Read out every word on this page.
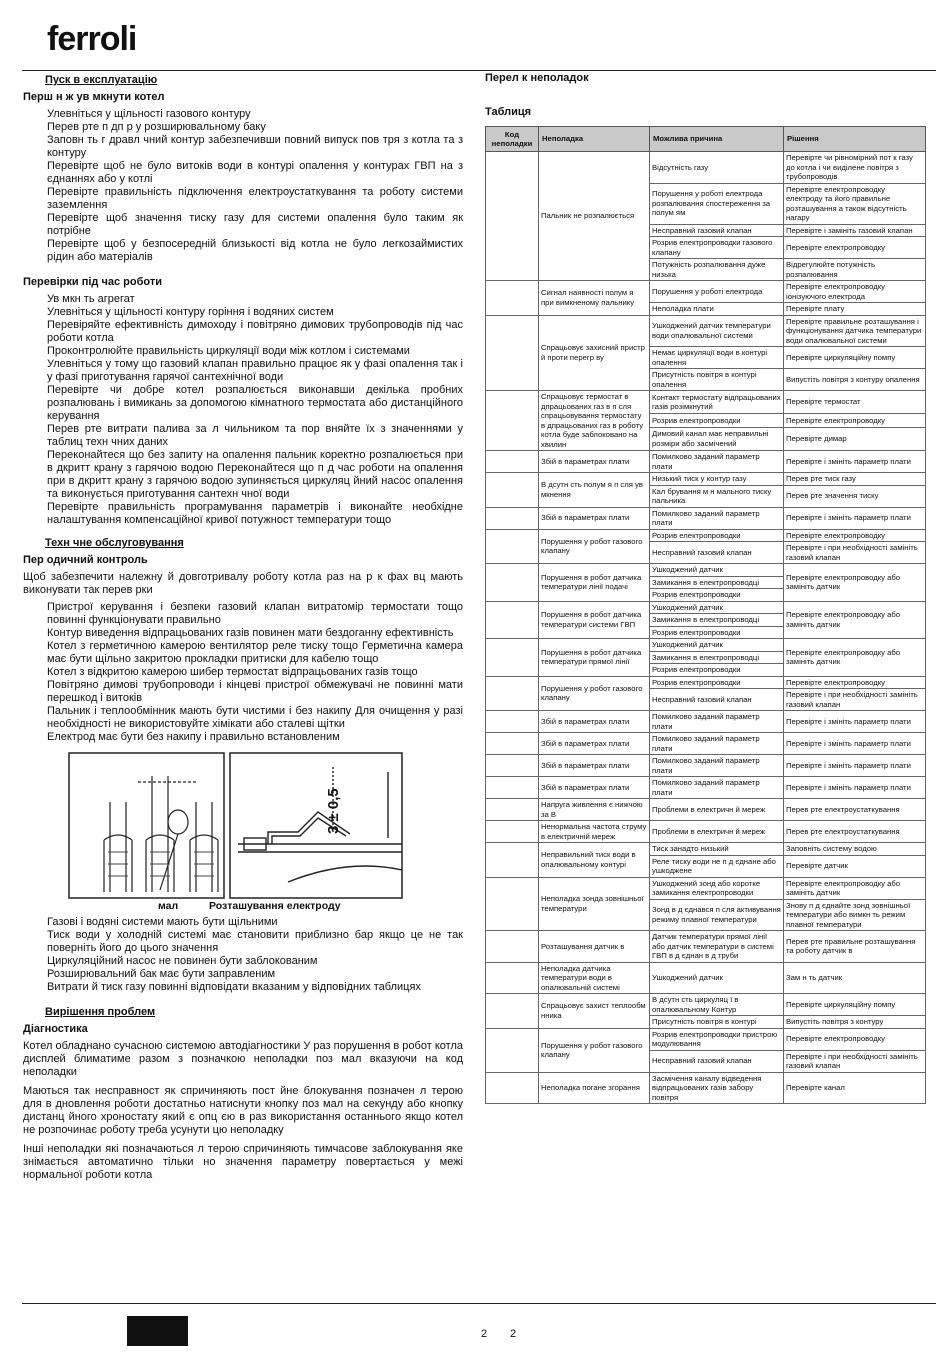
ferroli
Пуск в експлуатацію
Перш н ж ув мкнути котел
Улевніться у щільності газового контуру
Перев рте п дп р у розширювальному баку
Заповн ть г дравл чний контур забезпечивши повний випуск пов тря з котла та з контуру
Перевірте щоб не було витоків води в контурі опалення у контурах ГВП на з єднаннях або у котлі
Перевірте правильність підключення електроустаткування та роботу системи заземлення
Перевірте щоб значення тиску газу для системи опалення було таким як потрібне
Перевірте щоб у безпосередній близькості від котла не було легкозаймистих рідин або матеріалів
Перевірки під час роботи
Ув мкн ть агрегат
Улевніться у щільності контуру горіння і водяних систем
Перевіряйте ефективність димоходу і повітряно димових трубопроводів під час роботи котла
Проконтролюйте правильність циркуляції води між котлом і системами
Улевніться у тому що газовий клапан правильно працює як у фазі опалення так і у фазі приготування гарячої сантехнічної води
Перевірте чи добре котел розпалюється виконавши декілька пробних розпалювань і вимикань за допомогою кімнатного термостата або дистанційного керування
Перев рте витрати палива за л чильником та пор вняйте їх з значеннями у таблиц техн чних даних
Переконайтеся що без запиту на опалення пальник коректно розпалюється при в дкритт крану з гарячою водою Переконайтеся що п д час роботи на опалення при в дкритт крану з гарячою водою зупиняється циркуляц йний насос опалення та виконується приготування сантехн чної води
Перевірте правильність програмування параметрів і виконайте необхідне налаштування компенсаційної кривої потужност температури тощо
Техн чне обслуговування
Пер одичний контроль
Щоб забезпечити належну й довготривалу роботу котла раз на р к фах вц мають виконувати так перев рки
Пристрої керування і безпеки газовий клапан витратомір термостати тощо повинні функціонувати правильно
Контур виведення відпрацьованих газів повинен мати бездоганну ефективність
Котел з герметичною камерою вентилятор реле тиску тощо Герметична камера має бути щільно закритою прокладки притиски для кабелю тощо
Котел з відкритою камерою шибер термостат відпрацьованих газів тощо
Повітряно димові трубопроводи і кінцеві пристрої обмежувачі не повинні мати перешкод і витоків
Пальник і теплообмінник мають бути чистими і без накипу Для очищення у разі необхідності не використовуйте хімікати або сталеві щітки
Електрод має бути без накипу і правильно встановленим
3 ± 0,5
мал	Розташування електроду
Газові і водяні системи мають бути щільними
Тиск води у холодній системі має становити приблизно бар якщо це не так поверніть його до цього значення
Циркуляційний насос не повинен бути заблокованим
Розширювальний бак має бути заправленим
Витрати й тиск газу повинні відповідати вказаним у відповідних таблицях
Вирішення проблем
Діагностика
Котел обладнано сучасною системою автодіагностики У раз порушення в робот котла дисплей блиматиме разом з позначкою неполадки поз мал вказуючи на код неполадки
Маються так несправност як спричиняють пост йне блокування позначен л терою для в дновлення роботи достатньо натиснути кнопку поз мал на секунду або кнопку дистанц йного хроностату який є опц єю в раз використання останнього якщо котел не розпочинає роботу треба усунути цю неполадку
Інші неполадки які позначаються л терою спричиняють тимчасове заблокування яке знімається автоматично тільки но значення параметру повертається у межі нормальної роботи котла
Перел к неполадок
Таблиця
Код неполадки	Неполадка	Можлива причина	Рішення
	Пальник не розпалюється	Відсутність газу	Перевірте чи рівномірний пот к газу до котла і чи виділене повітря з трубопроводів
		Порушення у роботі електрода розпалювання спостереження за полум ям	Перевірте електропроводку електроду та його правильне розташування а також відсутність нагару
		Несправний газовий клапан	Перевірте і замініть газовий клапан
		Розрив електропроводки газового клапану	Перевірте електропроводку
		Потужність розпалювання дуже низька	Відрегулюйте потужність розпалювання
	Сигнал наявності полум я при вимкненому пальнику	Порушення у роботі електрода	Перевірте електропроводку іонізуючого електрода
		Неполадка плати	Перевірте плату
	Спрацьовує захисний пристр й проти перегр ву	Ушкоджений датчик температури води опалювальної системи	Перевірте правильне розташування і функціонування датчика температури води опалювальної системи
		Немає циркуляції води в контурі опалення	Перевірте циркуляційну помпу
		Присутність повітря в контурі опалення	Випустіть повітря з контуру опалення
	Спрацьовує термостат в дпрацьованих газ в п сля спрацьовування термостату в дпрацьованих газ в роботу котла буде заблоковано на хвилин	Контакт термостату відпрацьованих газів розімкнутий	Перевірте термостат
		Розрив електропроводки	Перевірте електропроводку
		Димовий канал має неправильні розміри або засмічений	Перевірте димар
	Збій в параметрах плати	Помилково заданий параметр плати	Перевірте і змініть параметр плати
	В дсутн сть полум я п сля ув мкнення	Низький тиск у контур газу	Перев рте тиск газу
		Кал брування м н мального тиску пальника	Перев рте значення тиску
	Збій в параметрах плати	Помилково заданий параметр плати	Перевірте і змініть параметр плати
	Порушення у робот газового клапану	Розрив електропроводки	Перевірте електропроводку
		Несправний газовий клапан	Перевірте і при необхідності замініть газовий клапан
	Порушення в робот датчика температури лінії подачі	Ушкоджений датчик	Перевірте електропроводку або замініть датчик
		Замикання в електропроводці	
		Розрив електропроводки	
	Порушення в робот датчика температури системи ГВП	Ушкоджений датчик	Перевірте електропроводку або замініть датчик
		Замикання в електропроводці	
		Розрив електропроводки	
	Порушення в робот датчика температури прямої лінії	Ушкоджений датчик	Перевірте електропроводку або замініть датчик
		Замикання в електропроводці	
		Розрив електропроводки	
	Порушення у робот газового клапану	Розрив електропроводки	Перевірте електропроводку
		Несправний газовий клапан	Перевірте і при необхідності замініть газовий клапан
	Збій в параметрах плати	Помилково заданий параметр плати	Перевірте і змініть параметр плати
	Збій в параметрах плати	Помилково заданий параметр плати	Перевірте і змініть параметр плати
	Збій в параметрах плати	Помилково заданий параметр плати	Перевірте і змініть параметр плати
	Збій в параметрах плати	Помилково заданий параметр плати	Перевірте і змініть параметр плати
	Напруга живлення є нижчою за В	Проблеми в електричн й мереж	Перев рте електроустаткування
	Ненормальна частота струму в електричній мереж	Проблеми в електричн й мереж	Перев рте електроустаткування
	Неправильний тиск води в опалювальному контурі	Тиск занадто низький	Заповніть систему водою
		Реле тиску води не п д єднане або ушкоджене	Перевірте датчик
	Неполадка зонда зовнішньої температури	Ушкоджений зонд або коротке замикання електропроводки	Перевірте електропроводку або замініть датчик
		Зонд в д єднався п сля активування режиму плавної температури	Знову п д єднайте зонд зовнішньої температури або вимкн ть режим плавної температури
	Розташування датчик в	Датчик температури прямої лінії або датчик температури в системі ГВП в д єднан в д труби	Перев рте правильне розташування та роботу датчик в
	Неполадка датчика температури води в опалювальній системі	Ушкоджений датчик	Зам н ть датчик
	Спрацьовує захист теплообм нника	В дсутн сть циркуляц ї в опалювальному Контур	Перевірте циркуляційну помпу
		Присутність повітря в контурі	Випустіть повітря з контуру
	Порушення у робот газового клапану	Розрив електропроводки пристрою модулювання	Перевірте електропроводку
		Несправний газовий клапан	Перевірте і при необхідності замініть газовий клапан
	Неполадка погане згорання	Засмічення каналу відведення відпрацьованих газів забору повітря	Перевірте канал
2 2
